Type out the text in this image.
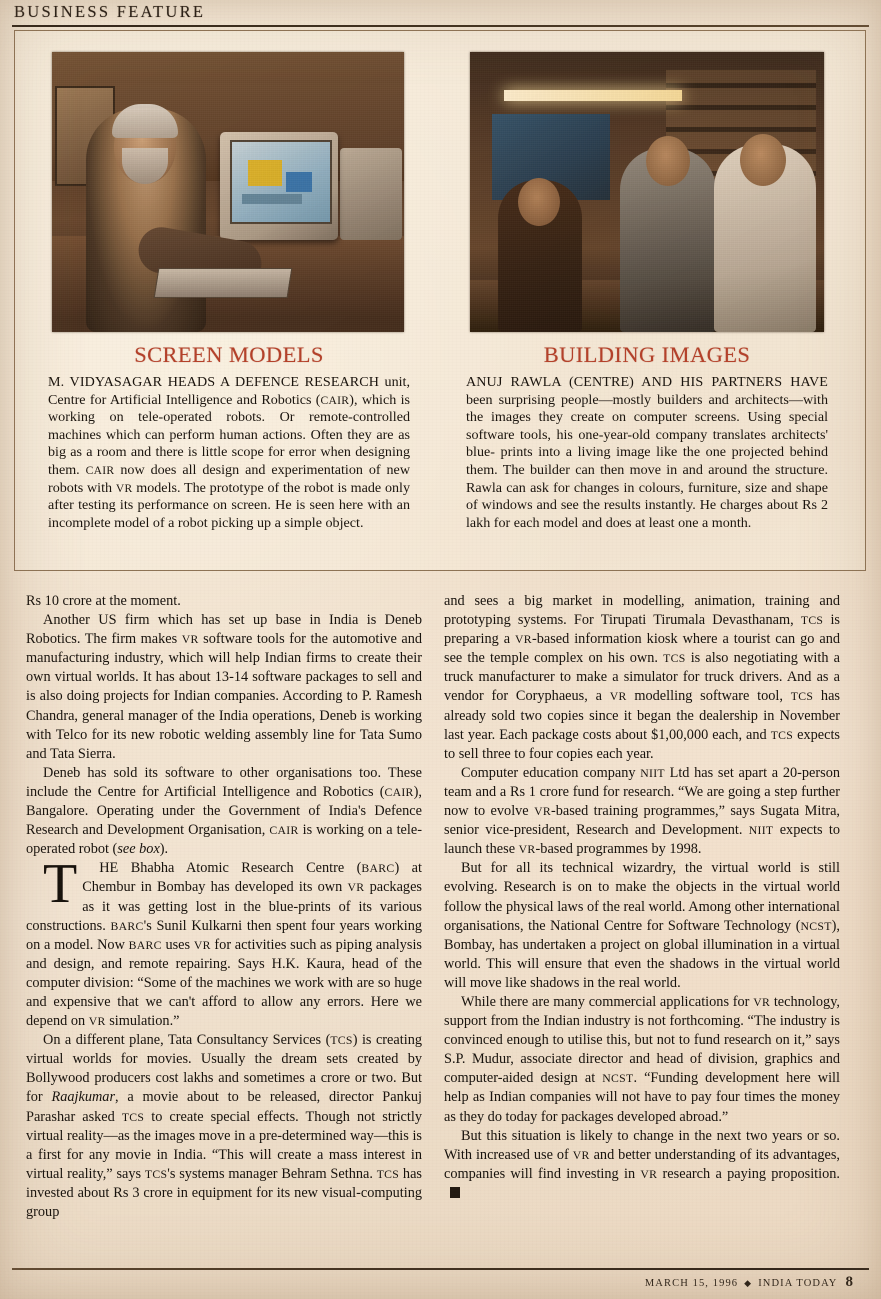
BUSINESS FEATURE
SCREEN MODELS

M. VIDYASAGAR HEADS A DEFENCE RESEARCH unit, Centre for Artificial Intelligence and Robotics (CAIR), which is working on tele-operated robots. Or remote-controlled machines which can perform human actions. Often they are as big as a room and there is little scope for error when designing them. CAIR now does all design and experimentation of new robots with VR models. The prototype of the robot is made only after testing its performance on screen. He is seen here with an incomplete model of a robot picking up a simple object.

BUILDING IMAGES

ANUJ RAWLA (CENTRE) AND HIS PARTNERS HAVE been surprising people—mostly builders and architects—with the images they create on computer screens. Using special software tools, his one-year-old company translates architects' blue- prints into a living image like the one projected behind them. The builder can then move in and around the structure. Rawla can ask for changes in colours, furniture, size and shape of windows and see the results instantly. He charges about Rs 2 lakh for each model and does at least one a month.

Rs 10 crore at the moment.

Another US firm which has set up base in India is Deneb Robotics. The firm makes VR software tools for the automotive and manufacturing industry, which will help Indian firms to create their own virtual worlds. It has about 13-14 software packages to sell and is also doing projects for Indian companies. According to P. Ramesh Chandra, general manager of the India operations, Deneb is working with Telco for its new robotic welding assembly line for Tata Sumo and Tata Sierra.

Deneb has sold its software to other organisations too. These include the Centre for Artificial Intelligence and Robotics (CAIR), Bangalore. Operating under the Government of India's Defence Research and Development Organisation, CAIR is working on a tele-operated robot (see box).

T	HE Bhabha Atomic Research Centre (BARC) at Chembur in Bombay has developed its own VR packages as it was getting lost in the blue-prints of its various constructions. BARC's Sunil Kulkarni then spent four years working on a model. Now BARC uses VR for activities such as piping analysis and design, and remote repairing. Says H.K. Kaura, head of the computer division: “Some of the machines we work with are so huge and expensive that we can't afford to allow any errors. Here we depend on VR simulation.”

On a different plane, Tata Consultancy Services (TCS) is creating virtual worlds for movies. Usually the dream sets created by Bollywood producers cost lakhs and sometimes a crore or two. But for Raajkumar, a movie about to be released, director Pankuj Parashar asked TCS to create special effects. Though not strictly virtual reality—as the images move in a pre-determined way—this is a first for any movie in India. “This will create a mass interest in virtual reality,” says TCS's systems manager Behram Sethna. TCS has invested about Rs 3 crore in equipment for its new visual-computing group

and sees a big market in modelling, animation, training and prototyping systems. For Tirupati Tirumala Devasthanam, TCS is preparing a VR-based information kiosk where a tourist can go and see the temple complex on his own. TCS is also negotiating with a truck manufacturer to make a simulator for truck drivers. And as a vendor for Coryphaeus, a VR modelling software tool, TCS has already sold two copies since it began the dealership in November last year. Each package costs about $1,00,000 each, and TCS expects to sell three to four copies each year.

Computer education company NIIT Ltd has set apart a 20-person team and a Rs 1 crore fund for research. “We are going a step further now to evolve VR-based training programmes,” says Sugata Mitra, senior vice-president, Research and Development. NIIT expects to launch these VR-based programmes by 1998.

But for all its technical wizardry, the virtual world is still evolving. Research is on to make the objects in the virtual world follow the physical laws of the real world. Among other international organisations, the National Centre for Software Technology (NCST), Bombay, has undertaken a project on global illumination in a virtual world. This will ensure that even the shadows in the virtual world will move like shadows in the real world.

While there are many commercial applications for VR technology, support from the Indian industry is not forthcoming. “The industry is convinced enough to utilise this, but not to fund research on it,” says S.P. Mudur, associate director and head of division, graphics and computer-aided design at NCST. “Funding development here will help as Indian companies will not have to pay four times the money as they do today for packages developed abroad.”

But this situation is likely to change in the next two years or so. With increased use of VR and better understanding of its advantages, companies will find investing in VR research a paying proposition.

MARCH 15, 1996 ◆ INDIA TODAY 8
